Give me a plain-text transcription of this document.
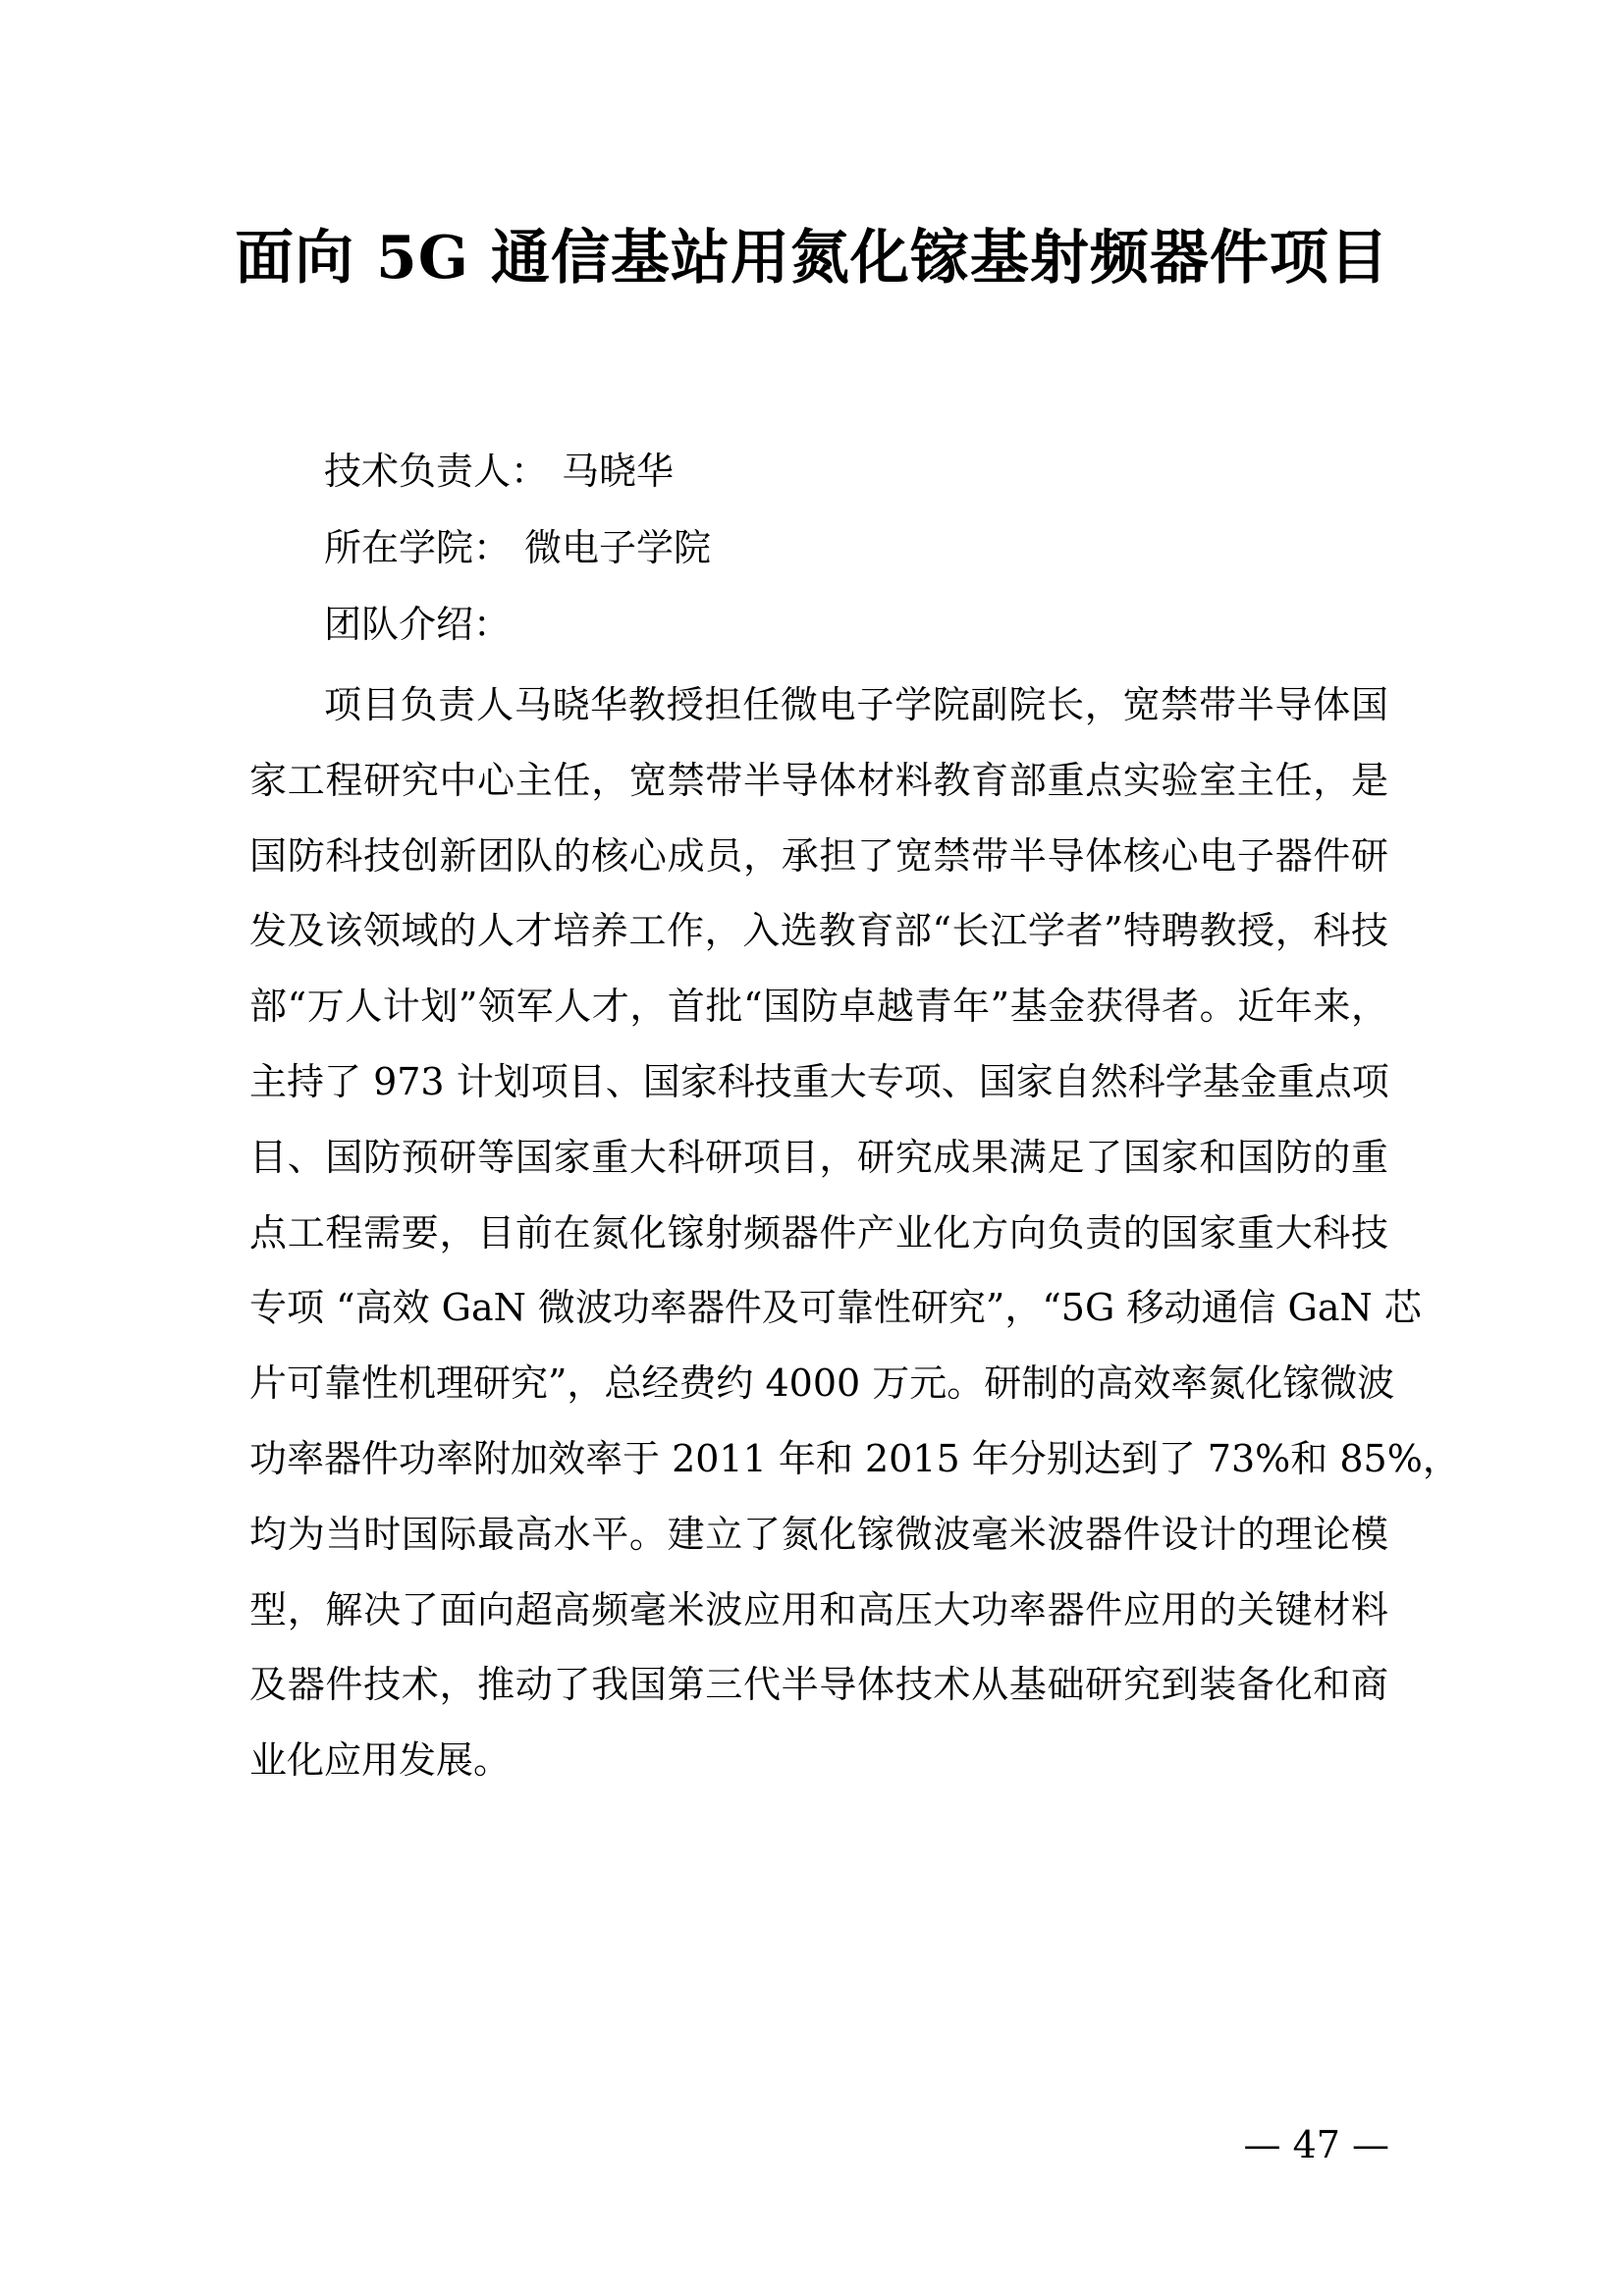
面向 5G 通信基站用氮化镓基射频器件项目
技术负责人： 马晓华
所在学院： 微电子学院
团队介绍：
项目负责人马晓华教授担任微电子学院副院长，宽禁带半导体国
家工程研究中心主任，宽禁带半导体材料教育部重点实验室主任，是
国防科技创新团队的核心成员，承担了宽禁带半导体核心电子器件研
发及该领域的人才培养工作，入选教育部“长江学者”特聘教授，科技
部“万人计划”领军人才，首批“国防卓越青年”基金获得者。近年来，
主持了 973 计划项目、国家科技重大专项、国家自然科学基金重点项
目、国防预研等国家重大科研项目，研究成果满足了国家和国防的重
点工程需要，目前在氮化镓射频器件产业化方向负责的国家重大科技
专项 “高效 GaN 微波功率器件及可靠性研究”，“5G 移动通信 GaN 芯
片可靠性机理研究”，总经费约 4000 万元。研制的高效率氮化镓微波
功率器件功率附加效率于 2011 年和 2015 年分别达到了 73%和 85%，
均为当时国际最高水平。建立了氮化镓微波毫米波器件设计的理论模
型，解决了面向超高频毫米波应用和高压大功率器件应用的关键材料
及器件技术，推动了我国第三代半导体技术从基础研究到装备化和商
业化应用发展。
— 47 —
